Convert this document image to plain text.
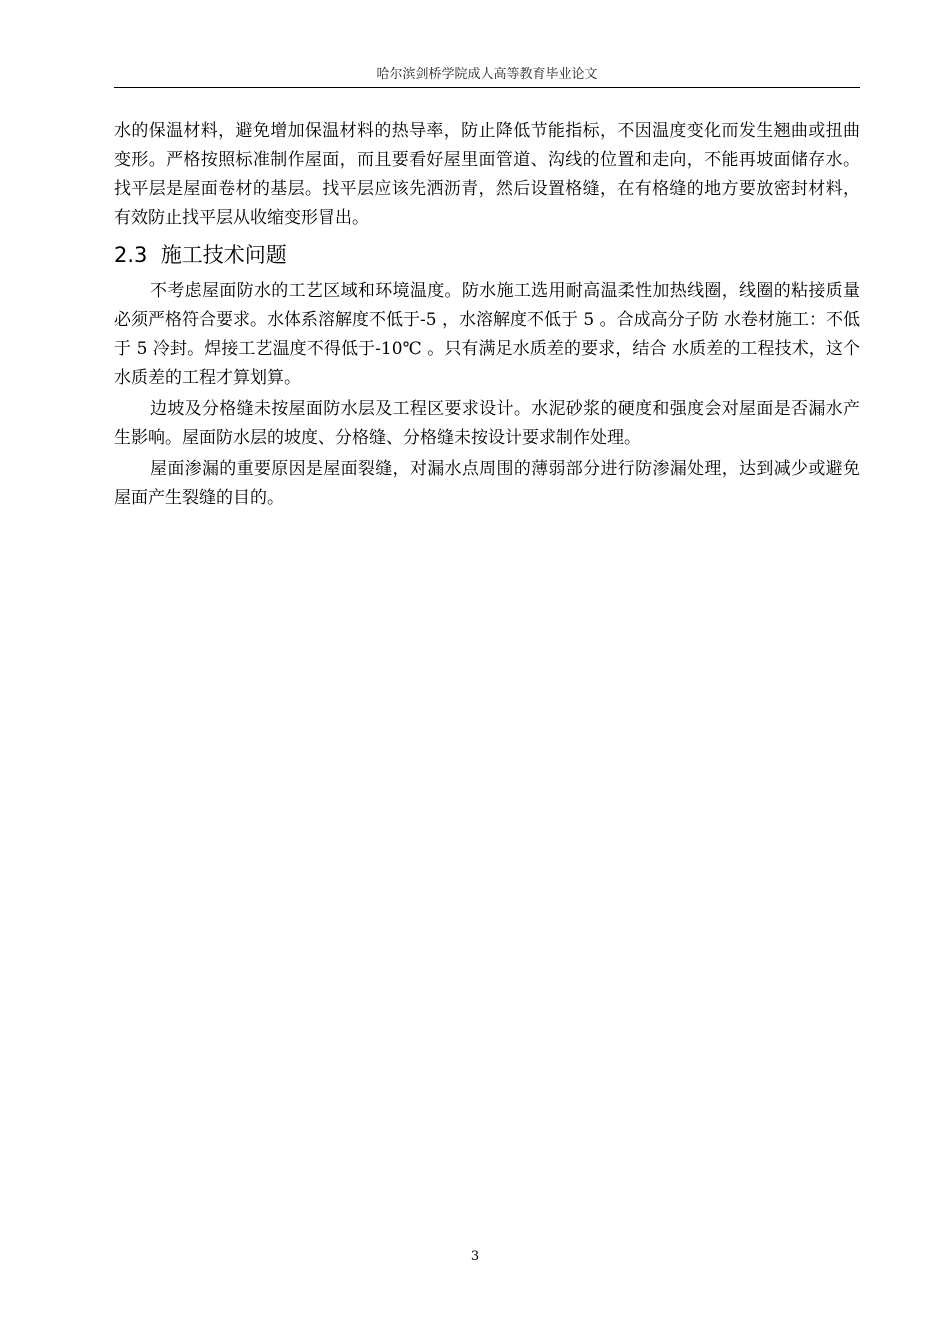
哈尔滨剑桥学院成人高等教育毕业论文

水的保温材料，避免增加保温材料的热导率，防止降低节能指标，不因温度变化而发生翘曲或扭曲变形。严格按照标准制作屋面，而且要看好屋里面管道、沟线的位置和走向，不能再坡面储存水。找平层是屋面卷材的基层。找平层应该先洒沥青，然后设置格缝，在有格缝的地方要放密封材料，有效防止找平层从收缩变形冒出。

2.3 施工技术问题

不考虑屋面防水的工艺区域和环境温度。防水施工选用耐高温柔性加热线圈，线圈的粘接质量必须严格符合要求。水体系溶解度不低于-5 ，水溶解度不低于 5 。合成高分子防 水卷材施工：不低于 5 冷封。焊接工艺温度不得低于-10℃ 。只有满足水质差的要求，结合 水质差的工程技术，这个水质差的工程才算划算。

边坡及分格缝未按屋面防水层及工程区要求设计。水泥砂浆的硬度和强度会对屋面是否漏水产生影响。屋面防水层的坡度、分格缝、分格缝未按设计要求制作处理。

屋面渗漏的重要原因是屋面裂缝，对漏水点周围的薄弱部分进行防渗漏处理，达到减少或避免屋面产生裂缝的目的。

3
